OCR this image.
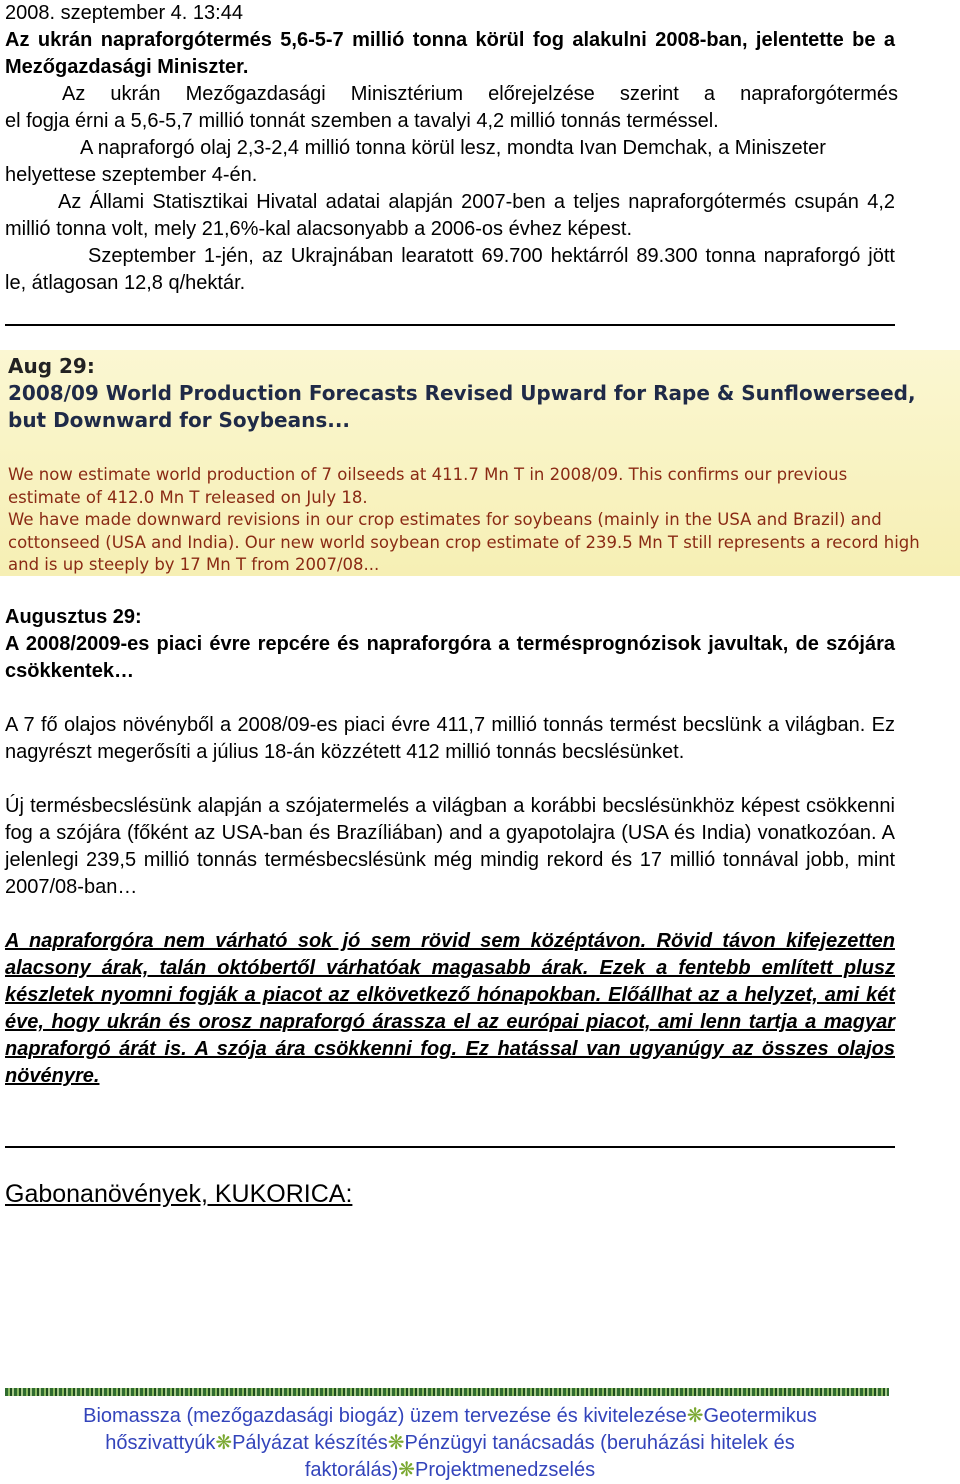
2008. szeptember 4. 13:44
Az ukrán napraforgótermés 5,6-5-7 millió tonna körül fog alakulni 2008-ban, jelentette be a Mezőgazdasági Miniszter.
Az ukrán Mezőgazdasági Minisztérium előrejelzése szerint a napraforgótermés
el fogja érni a 5,6-5,7 millió tonnát szemben a tavalyi 4,2 millió tonnás terméssel.
A napraforgó olaj 2,3-2,4 millió tonna körül lesz, mondta Ivan Demchak, a Miniszeter helyettese szeptember 4-én.
Az Állami Statisztikai Hivatal adatai alapján 2007-ben a teljes napraforgótermés csupán 4,2 millió tonna volt, mely 21,6%-kal alacsonyabb a 2006-os évhez képest.
Szeptember 1-jén, az Ukrajnában learatott 69.700 hektárról 89.300 tonna napraforgó jött le, átlagosan 12,8 q/hektár.
Aug 29:
2008/09 World Production Forecasts Revised Upward for Rape & Sunflowerseed, but Downward for Soybeans...
We now estimate world production of 7 oilseeds at 411.7 Mn T in 2008/09. This confirms our previous
estimate of 412.0 Mn T released on July 18.
We have made downward revisions in our crop estimates for soybeans (mainly in the USA and Brazil) and
cottonseed (USA and India). Our new world soybean crop estimate of 239.5 Mn T still represents a record high
and is up steeply by 17 Mn T from 2007/08...
Augusztus 29:
A 2008/2009-es piaci évre repcére és napraforgóra a termésprognózisok javultak, de szójára csökkentek…
A 7 fő olajos növényből a 2008/09-es piaci évre 411,7 millió tonnás termést becslünk a világban. Ez nagyrészt megerősíti a július 18-án közzétett 412 millió tonnás becslésünket.
Új termésbecslésünk alapján a szójatermelés a világban a korábbi becslésünkhöz képest csökkenni fog a szójára (főként az USA-ban és Brazíliában) and a gyapotolajra (USA és India) vonatkozóan. A jelenlegi 239,5 millió tonnás termésbecslésünk még mindig rekord és 17 millió tonnával jobb, mint 2007/08-ban…
A napraforgóra nem várható sok jó sem rövid sem középtávon. Rövid távon kifejezetten alacsony árak, talán októbertől várhatóak magasabb árak. Ezek a fentebb említett plusz készletek nyomni fogják a piacot az elkövetkező hónapokban. Előállhat az a helyzet, ami két éve, hogy ukrán és orosz napraforgó árassza el az európai piacot, ami lenn tartja a magyar napraforgó árát is. A szója ára csökkenni fog. Ez hatással van ugyanúgy az összes olajos növényre.
Gabonanövények, KUKORICA:
Biomassza (mezőgazdasági biogáz) üzem tervezése és kivitelezése❋Geotermikus hőszivattyúk❋Pályázat készítés❋Pénzügyi tanácsadás (beruházási hitelek és faktorálás)❋Projektmenedzselés
